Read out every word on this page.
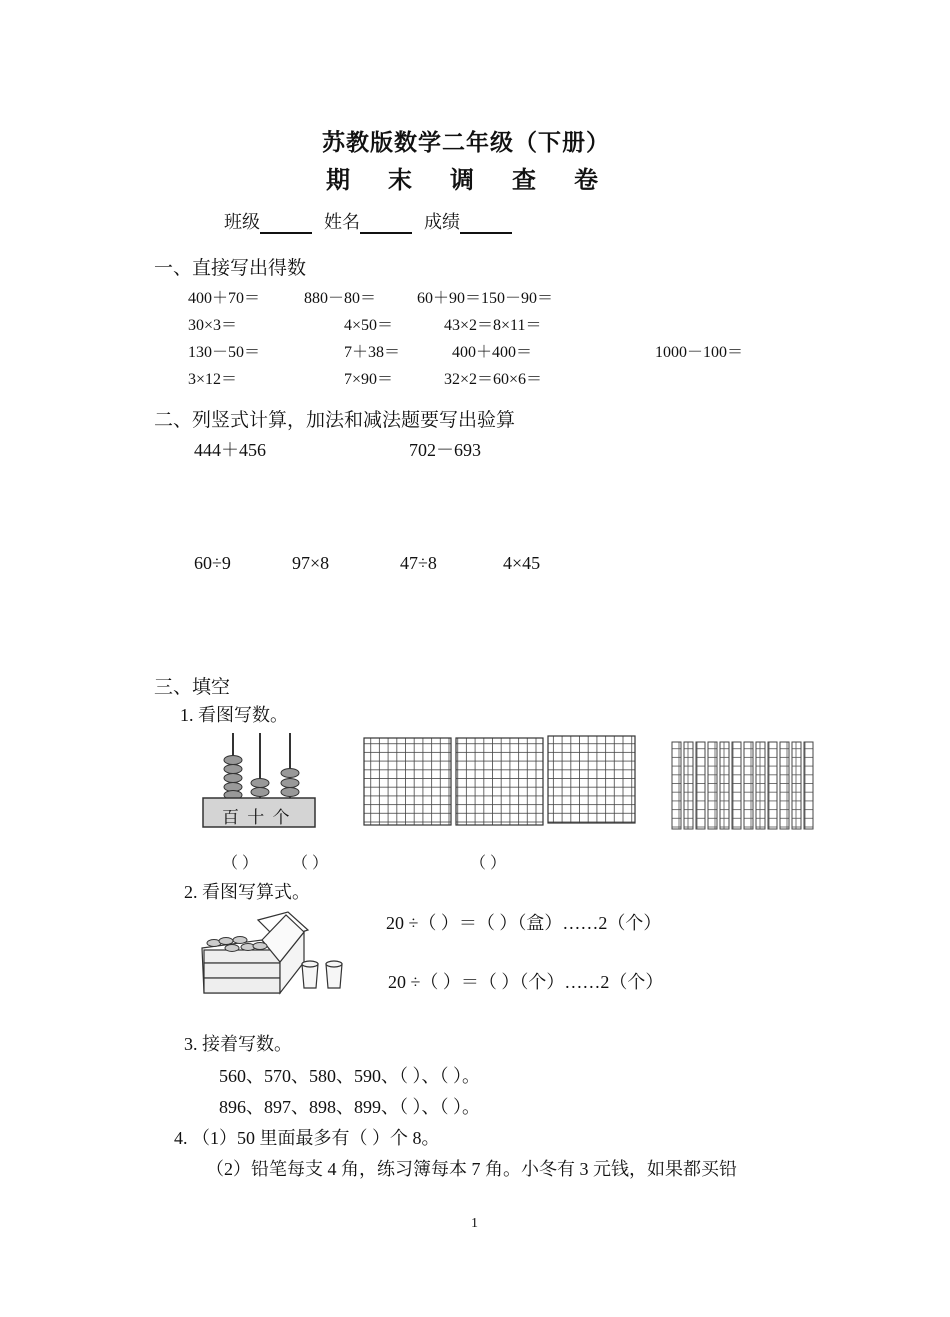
苏教版数学二年级（下册）
期 末 调 查 卷
班级	姓名	成绩
一、直接写出得数
400＋70＝	880－80＝	60＋90＝150－90＝
30×3＝	4×50＝	43×2＝8×11＝
130－50＝	7＋38＝	400＋400＝	1000－100＝
3×12＝	7×90＝	32×2＝60×6＝
二、列竖式计算，加法和减法题要写出验算
444＋456	702－693
60÷9	97×8	47÷8	4×45
三、填空
1. 看图写数。
百 十 个
（ ） （ ）	（ ）
2. 看图写算式。
20 ÷（ ）＝（ ）（盒）……2（个）
20 ÷（ ）＝（ ）（个）……2（个）
3. 接着写数。
560、570、580、590、（ ）、（ ）。
896、897、898、899、（ ）、（ ）。
4. （1）50 里面最多有（ ）个 8。
（2）铅笔每支 4 角，练习簿每本 7 角。小冬有 3 元钱，如果都买铅
1
